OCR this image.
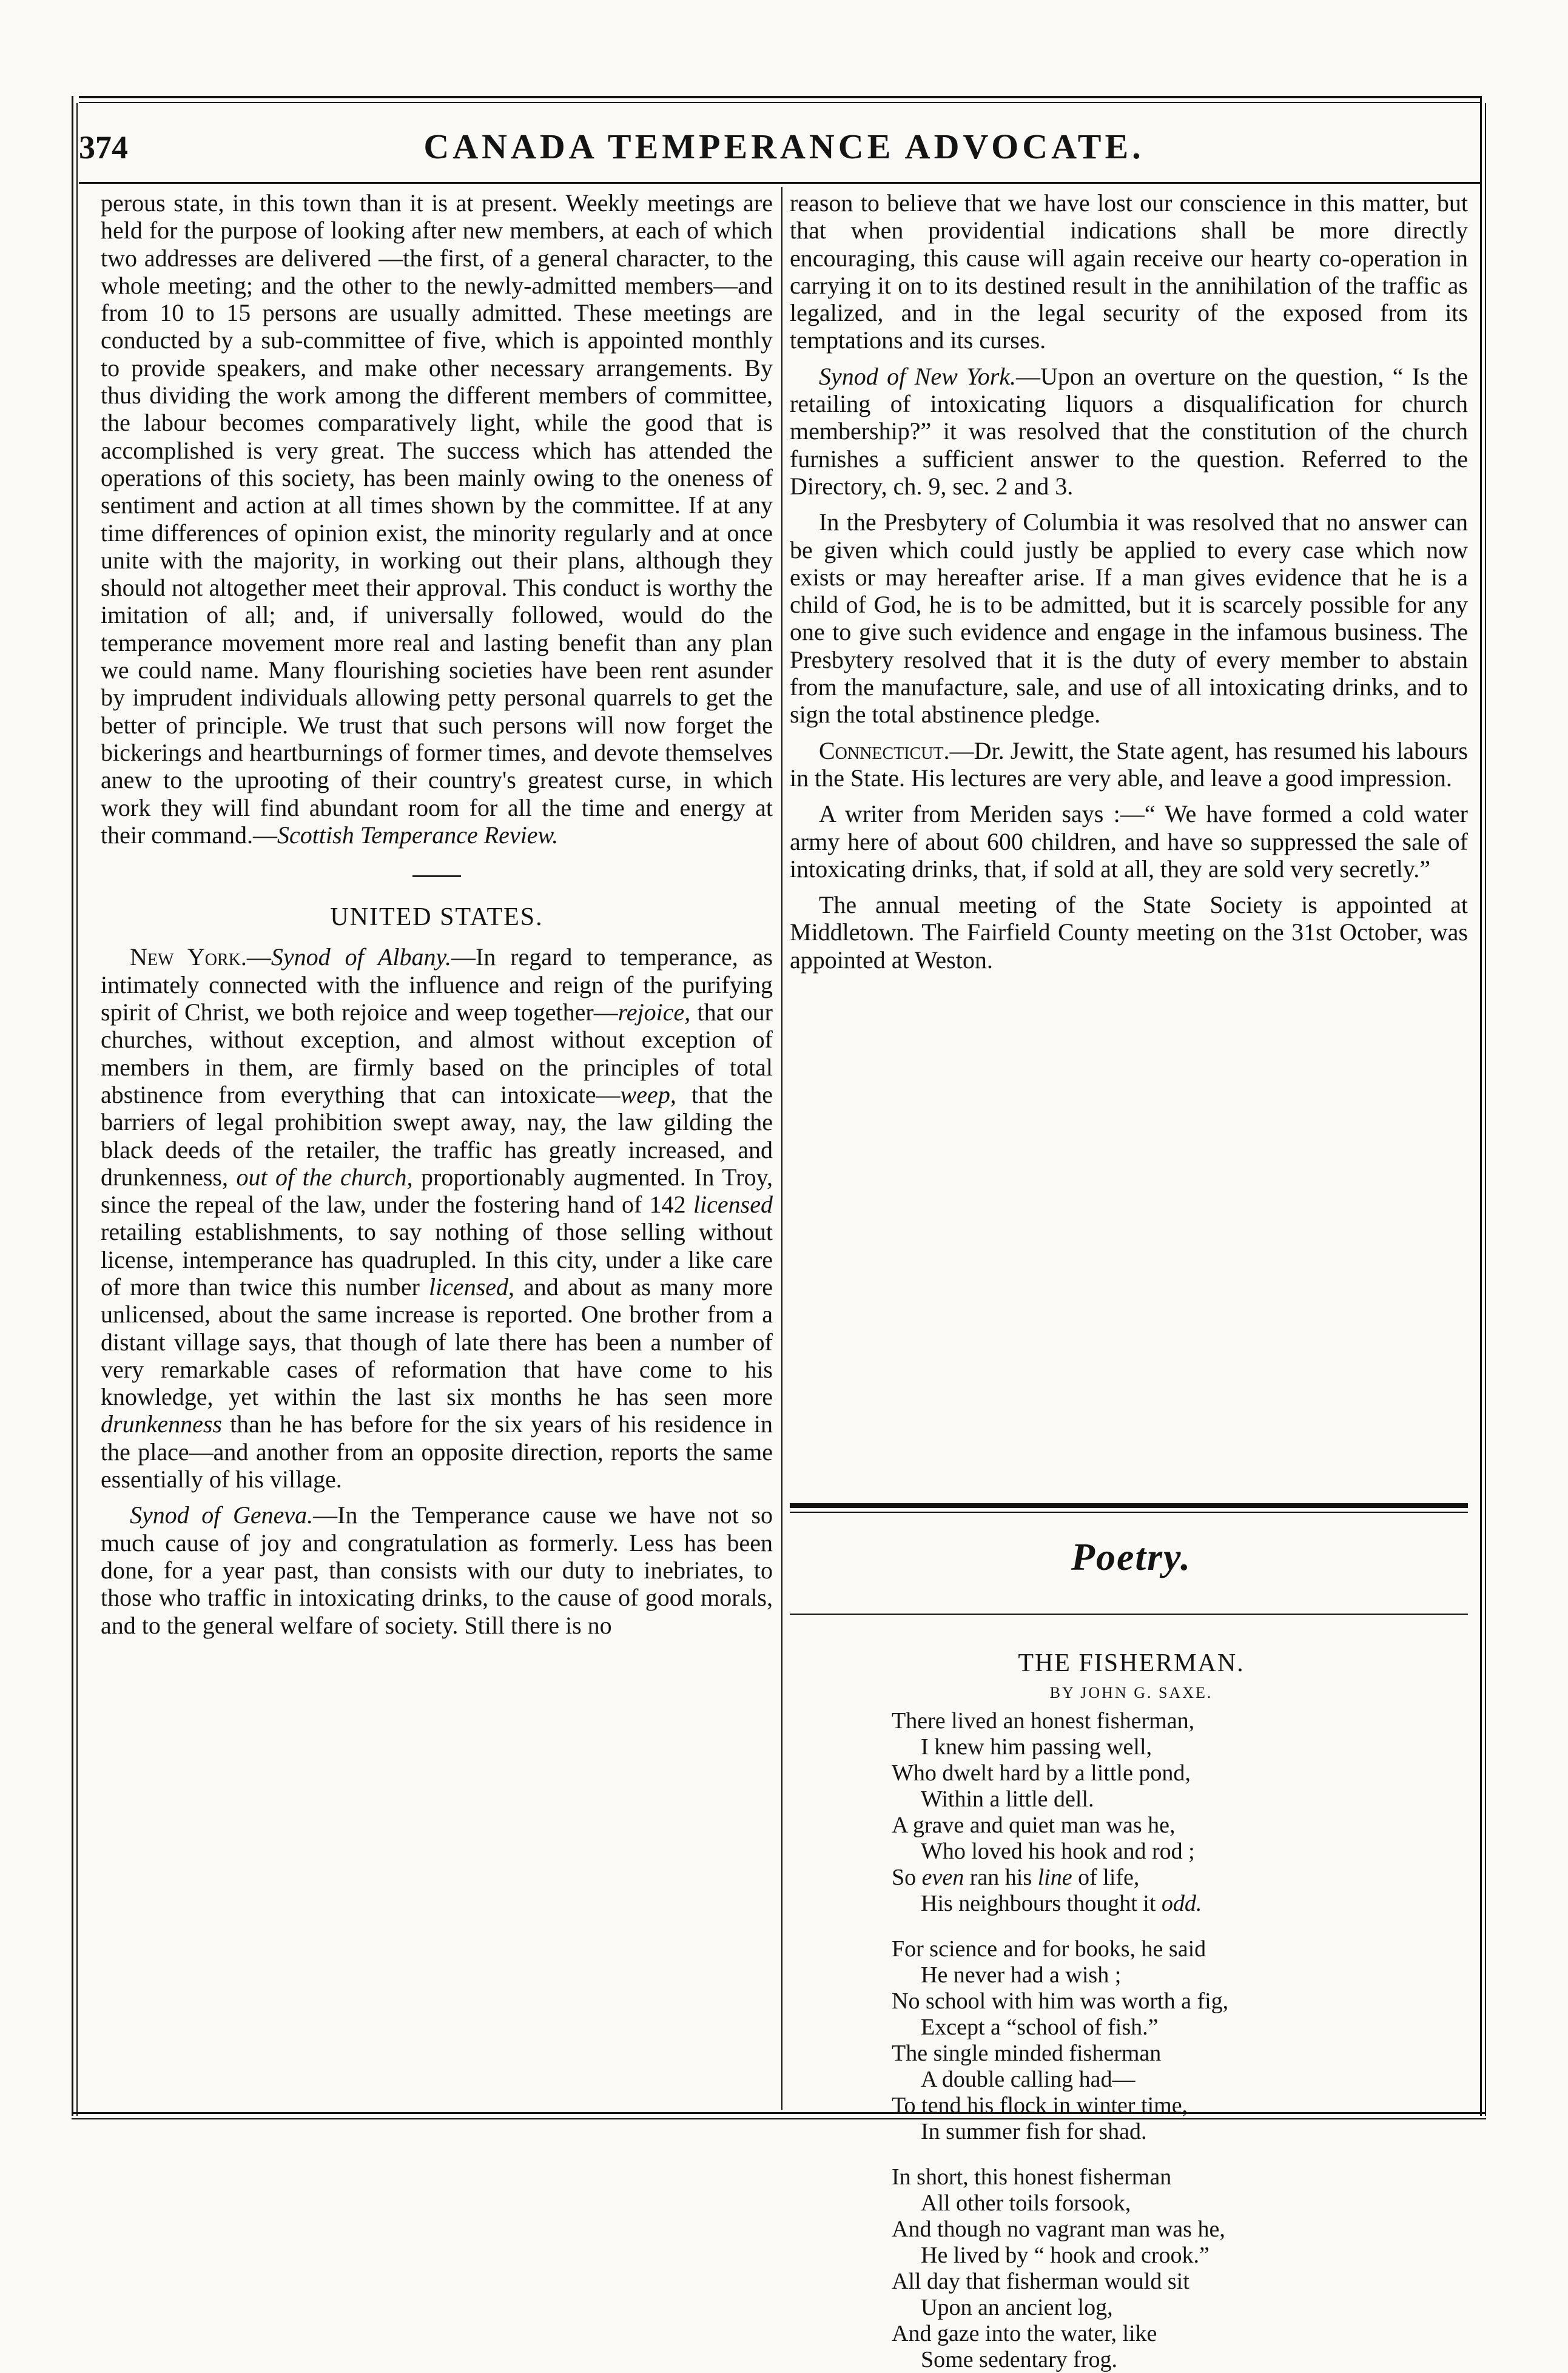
374	CANADA TEMPERANCE ADVOCATE.

perous state, in this town than it is at present. Weekly meetings are held for the purpose of looking after new members, at each of which two addresses are delivered —the first, of a general character, to the whole meeting; and the other to the newly-admitted members—and from 10 to 15 persons are usually admitted. These meetings are conducted by a sub-committee of five, which is appointed monthly to provide speakers, and make other necessary arrangements. By thus dividing the work among the different members of committee, the labour becomes comparatively light, while the good that is accomplished is very great. The success which has attended the operations of this society, has been mainly owing to the oneness of sentiment and action at all times shown by the committee. If at any time differences of opinion exist, the minority regularly and at once unite with the majority, in working out their plans, although they should not altogether meet their approval. This conduct is worthy the imitation of all; and, if universally followed, would do the temperance movement more real and lasting benefit than any plan we could name. Many flourishing societies have been rent asunder by imprudent individuals allowing petty personal quarrels to get the better of principle. We trust that such persons will now forget the bickerings and heartburnings of former times, and devote themselves anew to the uprooting of their country's greatest curse, in which work they will find abundant room for all the time and energy at their command.—Scottish Temperance Review.

UNITED STATES.

New York.—Synod of Albany.—In regard to temperance, as intimately connected with the influence and reign of the purifying spirit of Christ, we both rejoice and weep together—rejoice, that our churches, without exception, and almost without exception of members in them, are firmly based on the principles of total abstinence from everything that can intoxicate—weep, that the barriers of legal prohibition swept away, nay, the law gilding the black deeds of the retailer, the traffic has greatly increased, and drunkenness, out of the church, proportionably augmented. In Troy, since the repeal of the law, under the fostering hand of 142 licensed retailing establishments, to say nothing of those selling without license, intemperance has quadrupled. In this city, under a like care of more than twice this number licensed, and about as many more unlicensed, about the same increase is reported. One brother from a distant village says, that though of late there has been a number of very remarkable cases of reformation that have come to his knowledge, yet within the last six months he has seen more drunkenness than he has before for the six years of his residence in the place—and another from an opposite direction, reports the same essentially of his village.

Synod of Geneva.—In the Temperance cause we have not so much cause of joy and congratulation as formerly. Less has been done, for a year past, than consists with our duty to inebriates, to those who traffic in intoxicating drinks, to the cause of good morals, and to the general welfare of society. Still there is no

reason to believe that we have lost our conscience in this matter, but that when providential indications shall be more directly encouraging, this cause will again receive our hearty co-operation in carrying it on to its destined result in the annihilation of the traffic as legalized, and in the legal security of the exposed from its temptations and its curses.

Synod of New York.—Upon an overture on the question, “ Is the retailing of intoxicating liquors a disqualification for church membership?” it was resolved that the constitution of the church furnishes a sufficient answer to the question. Referred to the Directory, ch. 9, sec. 2 and 3.

In the Presbytery of Columbia it was resolved that no answer can be given which could justly be applied to every case which now exists or may hereafter arise. If a man gives evidence that he is a child of God, he is to be admitted, but it is scarcely possible for any one to give such evidence and engage in the infamous business. The Presbytery resolved that it is the duty of every member to abstain from the manufacture, sale, and use of all intoxicating drinks, and to sign the total abstinence pledge.

Connecticut.—Dr. Jewitt, the State agent, has resumed his labours in the State. His lectures are very able, and leave a good impression.

A writer from Meriden says :—“ We have formed a cold water army here of about 600 children, and have so suppressed the sale of intoxicating drinks, that, if sold at all, they are sold very secretly.”

The annual meeting of the State Society is appointed at Middletown. The Fairfield County meeting on the 31st October, was appointed at Weston.

Poetry.
THE FISHERMAN.
BY JOHN G. SAXE.
There lived an honest fisherman,
I knew him passing well,
Who dwelt hard by a little pond,
Within a little dell.
A grave and quiet man was he,
Who loved his hook and rod ;
So even ran his line of life,
His neighbours thought it odd.
For science and for books, he said
He never had a wish ;
No school with him was worth a fig,
Except a “school of fish.”
The single minded fisherman
A double calling had—
To tend his flock in winter time,
In summer fish for shad.
In short, this honest fisherman
All other toils forsook,
And though no vagrant man was he,
He lived by “ hook and crook.”
All day that fisherman would sit
Upon an ancient log,
And gaze into the water, like
Some sedentary frog.
